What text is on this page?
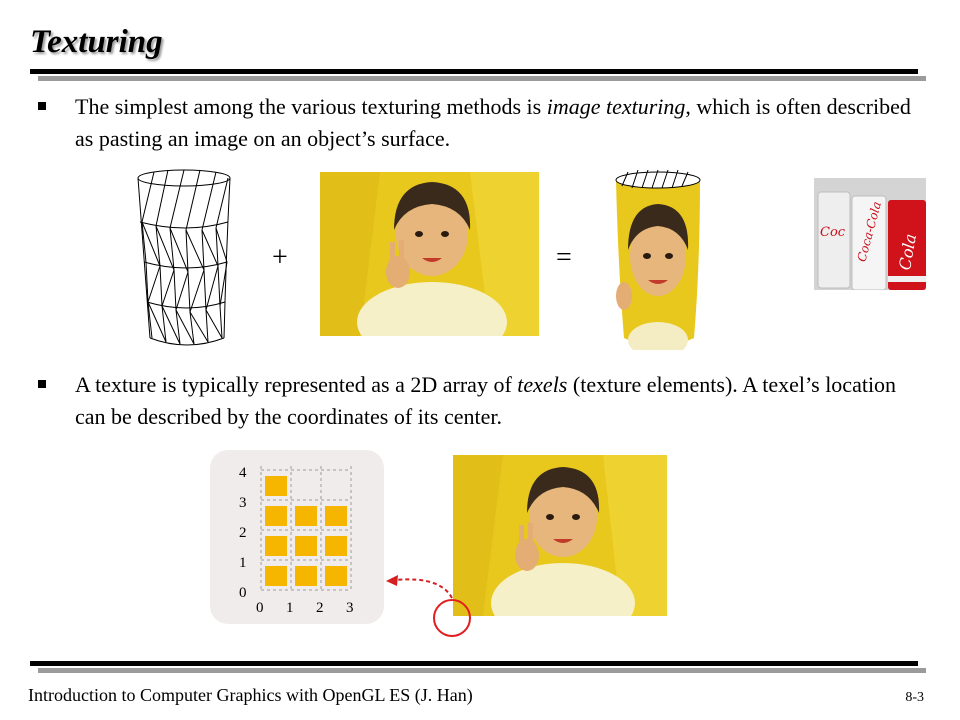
Texturing
The simplest among the various texturing methods is image texturing, which is often described as pasting an image on an object’s surface.
+	=
Coc Coca-Cola Cola
A texture is typically represented as a 2D array of texels (texture elements). A texel’s location can be described by the coordinates of its center.
4
3
2
1
0
0 1 2 3
Introduction to Computer Graphics with OpenGL ES (J. Han)	8-3
